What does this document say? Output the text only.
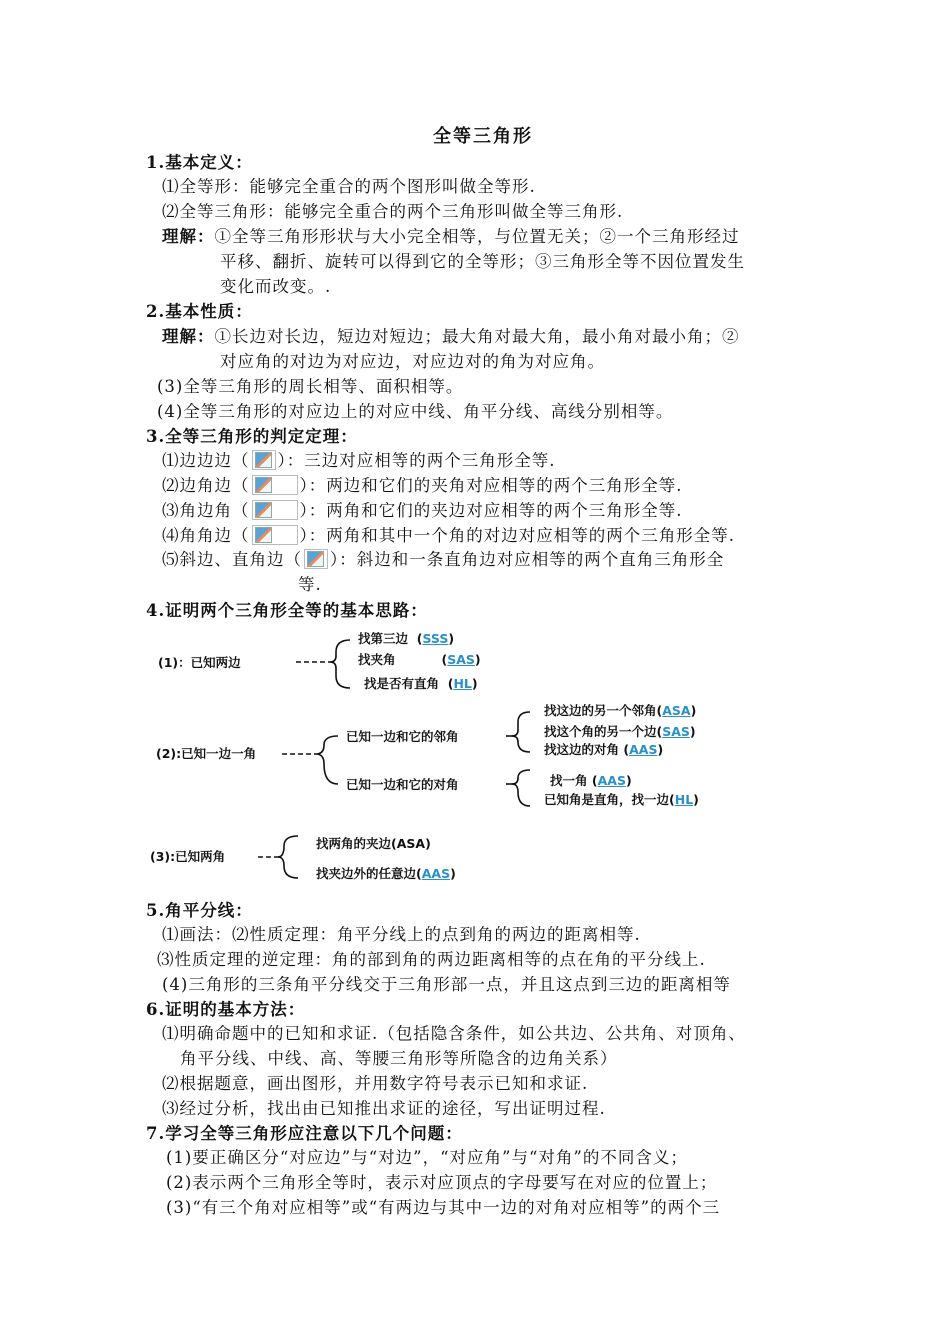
全等三角形
1.基本定义：
⑴全等形：能够完全重合的两个图形叫做全等形.
⑵全等三角形：能够完全重合的两个三角形叫做全等三角形.
理解：①全等三角形形状与大小完全相等，与位置无关；②一个三角形经过
平移、翻折、旋转可以得到它的全等形；③三角形全等不因位置发生
变化而改变。.
2.基本性质：
理解：①长边对长边，短边对短边；最大角对最大角，最小角对最小角；②
对应角的对边为对应边，对应边对的角为对应角。
(3)全等三角形的周长相等、面积相等。
(4)全等三角形的对应边上的对应中线、角平分线、高线分别相等。
3.全等三角形的判定定理：
⑴边边边（ ）：三边对应相等的两个三角形全等.
⑵边角边（	）：两边和它们的夹角对应相等的两个三角形全等.
⑶角边角（	）：两角和它们的夹边对应相等的两个三角形全等.
⑷角角边（	）：两角和其中一个角的对边对应相等的两个三角形全等.
⑸斜边、直角边（ ）：斜边和一条直角边对应相等的两个直角三角形全
等.
4.证明两个三角形全等的基本思路：
(1)：已知两边
找第三边  (SSS)
找夹角	(SAS)
找是否有直角  (HL)
(2):已知一边一角
已知一边和它的邻角
已知一边和它的对角
找这边的另一个邻角(ASA)
找这个角的另一个边(SAS)
找这边的对角 (AAS)
找一角 (AAS)
已知角是直角，找一边(HL)
(3):已知两角
找两角的夹边(ASA)
找夹边外的任意边(AAS)
5.角平分线：
⑴画法：⑵性质定理：角平分线上的点到角的两边的距离相等.
⑶性质定理的逆定理：角的部到角的两边距离相等的点在角的平分线上.
(4)三角形的三条角平分线交于三角形部一点，并且这点到三边的距离相等
6.证明的基本方法：
⑴明确命题中的已知和求证.（包括隐含条件，如公共边、公共角、对顶角、
角平分线、中线、高、等腰三角形等所隐含的边角关系）
⑵根据题意，画出图形，并用数字符号表示已知和求证.
⑶经过分析，找出由已知推出求证的途径，写出证明过程.
7.学习全等三角形应注意以下几个问题：
(1)要正确区分“对应边”与“对边”，“对应角”与“对角”的不同含义；
(2)表示两个三角形全等时，表示对应顶点的字母要写在对应的位置上；
(3)“有三个角对应相等”或“有两边与其中一边的对角对应相等”的两个三
